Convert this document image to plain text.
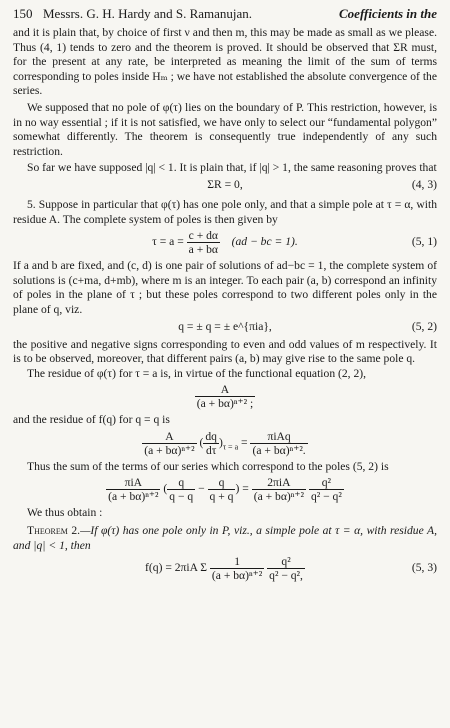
150 Messrs. G. H. Hardy and S. Ramanujan.	Coefficients in the

and it is plain that, by choice of first ν and then m, this may be made as small as we please. Thus (4, 1) tends to zero and the theorem is proved. It should be observed that ΣR must, for the present at any rate, be interpreted as meaning the limit of the sum of terms corresponding to poles inside Hₘ ; we have not established the absolute convergence of the series.

We supposed that no pole of φ(τ) lies on the boundary of P. This restriction, however, is in no way essential ; if it is not satisfied, we have only to select our “fundamental polygon” somewhat differently. The theorem is consequently true independently of any such restriction.

So far we have supposed |q| < 1. It is plain that, if |q| > 1, the same reasoning proves that

ΣR = 0,	(4, 3)

5. Suppose in particular that φ(τ) has one pole only, and that a simple pole at τ = α, with residue A. The complete system of poles is then given by

$\tau = a = \frac{c + d\alpha}{a + b\alpha} (ad$ − bc = 1).	(5, 1)

If a and b are fixed, and (c, d) is one pair of solutions of ad−bc = 1, the complete system of solutions is (c+ma, d+mb), where m is an integer. To each pair (a, b) correspond an infinity of poles in the plane of τ ; but these poles correspond to two different poles only in the plane of q, viz.

q = ± q = ± e^{πia},	(5, 2)

the positive and negative signs corresponding to even and odd values of m respectively. It is to be observed, moreover, that different pairs (a, b) may give rise to the same pole q.

The residue of φ(τ) for τ = a is, in virtue of the functional equation (2, 2),

$\frac{A}{\text{(a + bα)ⁿ⁺² ;}}$

and the residue of f(q) for q = q is

$\frac{A}{\text{(a + bα)ⁿ⁺²}}$ ( $\frac{dq}{d\tau} )_{\tau = a} = \frac{\text{πiAq}}{\text{(a + bα)ⁿ⁺².}}$

Thus the sum of the terms of our series which correspond to the poles (5, 2) is

$\frac{\text{πiA}}{\text{(a + bα)ⁿ⁺²}}$ ( $\frac{q}{q - q} - \frac{q}{q + q}$ ) = $\frac{\text{2πiA}}{\text{(a + bα)ⁿ⁺²}}$
$\frac{\text{q²}}{\text{q² − q²}}$

We thus obtain :

Theorem 2.—If φ(τ) has one pole only in P, viz., a simple pole at τ = α, with residue A, and |q| < 1, then

f(q) = 2πiA Σ $\frac{1}{\text{(a + bα)ⁿ⁺²}}$
$\frac{\text{q²}}{\text{q² − q²,}}$	(5, 3)
